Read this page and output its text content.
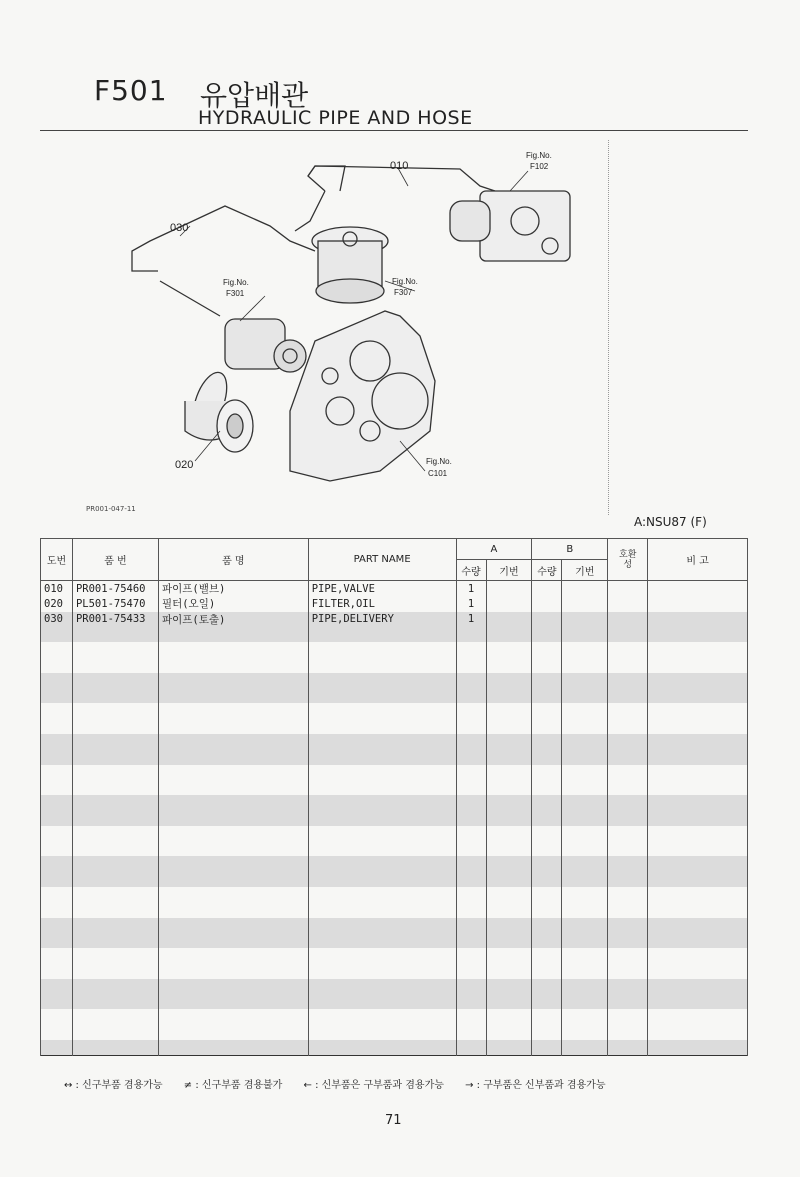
F501 유압배관
HYDRAULIC PIPE AND HOSE
010
030
020
Fig.No.
F102
Fig.No.
F307
Fig.No.
F301
Fig.No.
C101
PR001-047-11
A:NSU87 (F)
도번	품 번	품 명	PART NAME	A		B		호환성	비 고
				수량	기번	수량	기번		
010	PR001-75460	파이프(밸브)	PIPE,VALVE	1					
020	PL501-75470	필터(오일)	FILTER,OIL	1					
030	PR001-75433	파이프(토출)	PIPE,DELIVERY	1					

↔ : 신구부품 겸용가능 ≠ : 신구부품 겸용불가 ← : 신부품은 구부품과 겸용가능 → : 구부품은 신부품과 겸용가능
71
